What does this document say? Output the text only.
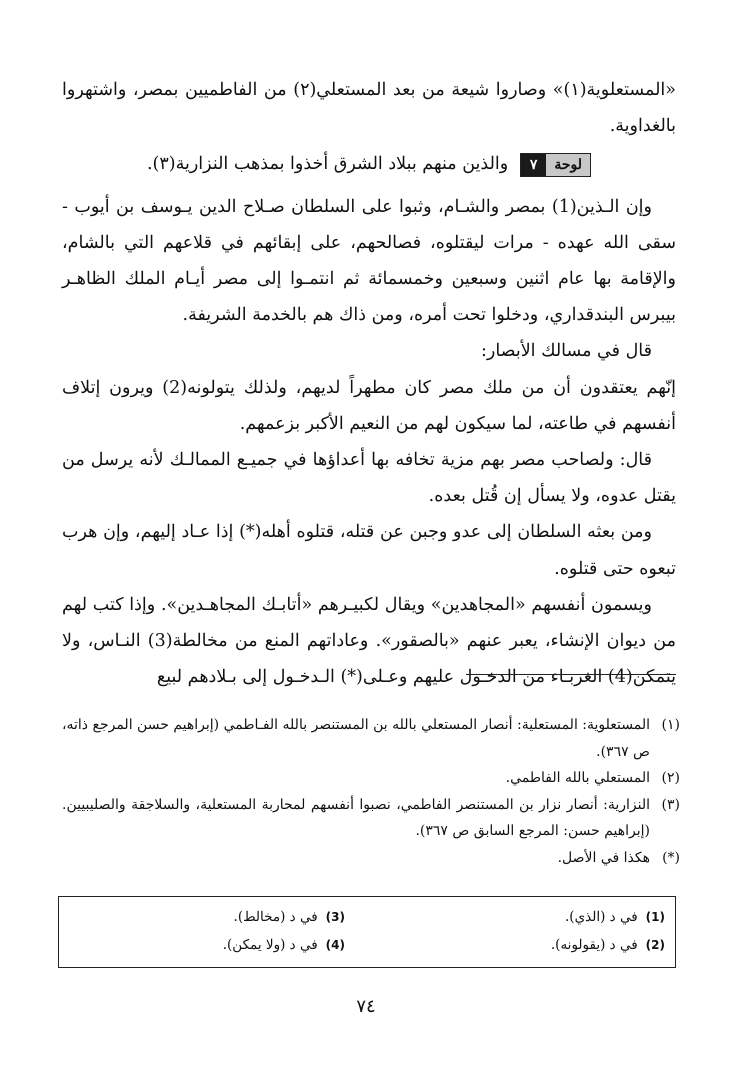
«المستعلوية(١)» وصاروا شيعة من بعد المستعلي(٢) من الفاطميين بمصر، واشتهروا بالغداوية.

لوحة٧ والذين منهم ببلاد الشرق أخذوا بمذهب النزارية(٣).

وإن الـذين(1) بمصر والشـام، وثبوا على السلطان صـلاح الدين يـوسف بن أيوب - سقى الله عهده - مرات ليقتلوه، فصالحهم، على إبقائهم في قلاعهم التي بالشام، والإقامة بها عام اثنين وسبعين وخمسمائة ثم انتمـوا إلى مصر أيـام الملك الظاهـر بيبرس البندقداري، ودخلوا تحت أمره، ومن ذاك هم بالخدمة الشريفة.

قال في مسالك الأبصار:

إنّهم يعتقدون أن من ملك مصر كان مطهراً لديهم، ولذلك يتولونه(2) ويرون إتلاف أنفسهم في طاعته، لما سيكون لهم من النعيم الأكبر بزعمهم.

قال: ولصاحب مصر بهم مزية تخافه بها أعداؤها في جميـع الممالـك لأنه يرسل من يقتل عدوه، ولا يسأل إن قُتل بعده.

ومن بعثه السلطان إلى عدو وجبن عن قتله، قتلوه أهله(*) إذا عـاد إليهم، وإن هرب تبعوه حتى قتلوه.

ويسمون أنفسهم «المجاهدين» ويقال لكبيـرهم «أتابـك المجاهـدين». وإذا كتب لهم من ديوان الإنشاء، يعبر عنهم «بالصقور». وعاداتهم المنع من مخالطة(3) النـاس، ولا يتمكن(4) الغربـاء من الدخـول عليهم وعـلى(*) الـدخـول إلى بـلادهم لبيع

(١)
المستعلوية: المستعلية: أنصار المستعلي بالله بن المستنصر بالله الفـاطمي (إبراهيم حسن المرجع ذاته، ص ٣٦٧).
(٢)
المستعلي بالله الفاطمي.
(٣)
النزارية: أنصار نزار بن المستنصر الفاطمي، نصبوا أنفسهم لمحاربة المستعلية، والسلاجقة والصليبيين. (إبراهيم حسن: المرجع السابق ص ٣٦٧).
(*)
هكذا في الأصل.
(1)في د (الذي).
(2)في د (يقولونه).
(3)في د (مخالط).
(4)في د (ولا يمكن).
٧٤
